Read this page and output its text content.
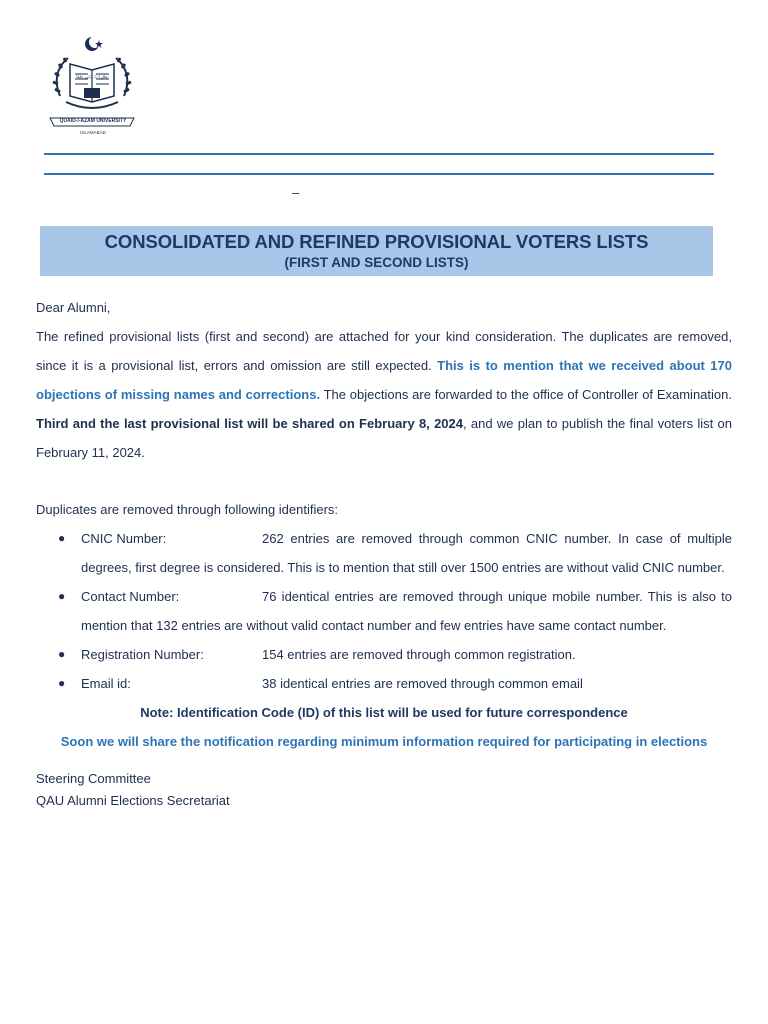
QUAID-I-AZAM UNIVERSITY
ISLAMABAD
وَقُل رَّبِّ زِدْنِي عِلْمًا
–
CONSOLIDATED AND REFINED PROVISIONAL VOTERS LISTS
(FIRST AND SECOND LISTS)

Dear Alumni,

The refined provisional lists (first and second) are attached for your kind consideration. The duplicates are removed, since it is a provisional list, errors and omission are still expected. This is to mention that we received about 170 objections of missing names and corrections. The objections are forwarded to the office of Controller of Examination. Third and the last provisional list will be shared on February 8, 2024, and we plan to publish the final voters list on February 11, 2024.

Duplicates are removed through following identifiers:

● CNIC Number:	262 entries are removed through common CNIC number. In case of multiple degrees, first degree is considered. This is to mention that still over 1500 entries are without valid CNIC number.
● Contact Number:	76 identical entries are removed through unique mobile number. This is also to mention that 132 entries are without valid contact number and few entries have same contact number.
● Registration Number:	154 entries are removed through common registration.
● Email id:	38 identical entries are removed through common email

Note: Identification Code (ID) of this list will be used for future correspondence

Soon we will share the notification regarding minimum information required for participating in elections

Steering Committee
QAU Alumni Elections Secretariat
